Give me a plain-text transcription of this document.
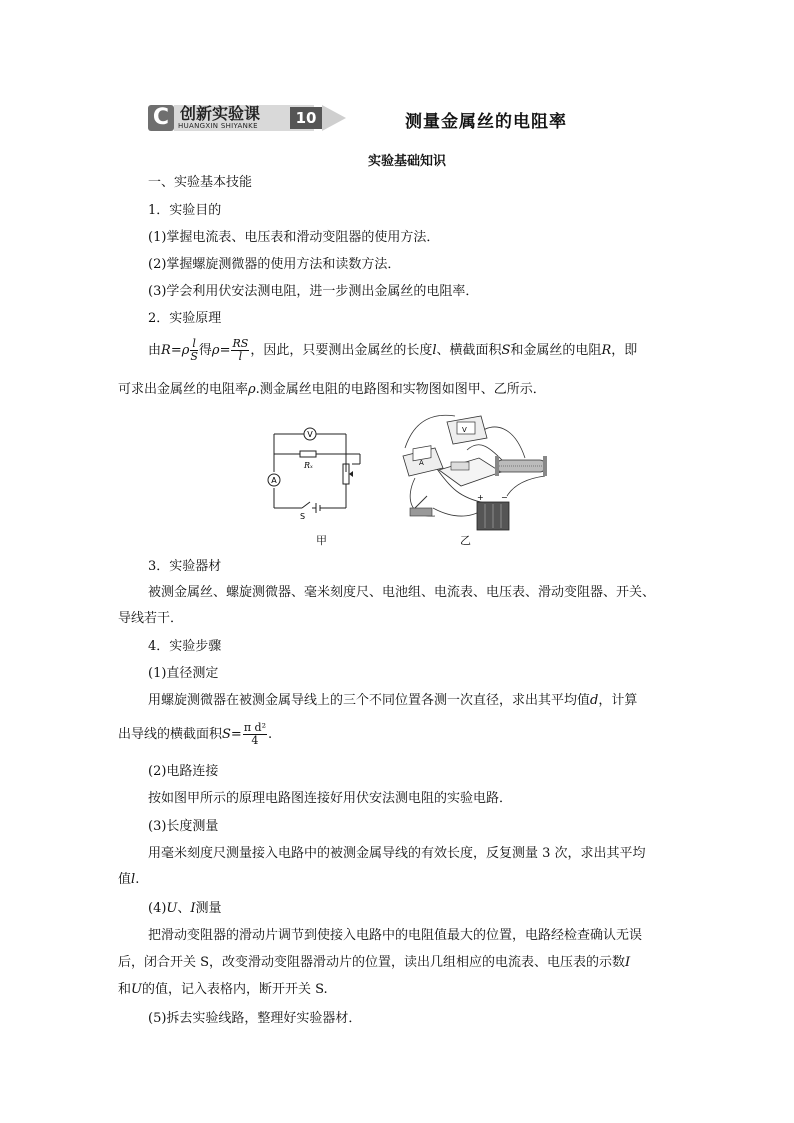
C 创新实验课
HUANGXIN SHIYANKE	10	测量金属丝的电阻率
实验基础知识
一、实验基本技能
1．实验目的
(1)掌握电流表、电压表和滑动变阻器的使用方法．
(2)掌握螺旋测微器的使用方法和读数方法．
(3)学会利用伏安法测电阻，进一步测出金属丝的电阻率．
2．实验原理
由$R=\rho \frac{l}{S}$ 得$\rho= \frac{RS}{l}$ ，因此，只要测出金属丝的长度l、横截面积S和金属丝的电阻R，即
可求出金属丝的电阻率ρ.测金属丝电阻的电路图和实物图如图甲、乙所示．
V
A
Rₓ
S
甲
A
V
+ −
乙
3．实验器材
被测金属丝、螺旋测微器、毫米刻度尺、电池组、电流表、电压表、滑动变阻器、开关、
导线若干．
4．实验步骤
(1)直径测定
用螺旋测微器在被测金属导线上的三个不同位置各测一次直径，求出其平均值d，计算
出导线的横截面积$S= \frac{\text{π d²}}{4}$ .
(2)电路连接
按如图甲所示的原理电路图连接好用伏安法测电阻的实验电路．
(3)长度测量
用毫米刻度尺测量接入电路中的被测金属导线的有效长度，反复测量 3 次，求出其平均
值l.
(4)U、I测量
把滑动变阻器的滑动片调节到使接入电路中的电阻值最大的位置，电路经检查确认无误
后，闭合开关 S，改变滑动变阻器滑动片的位置，读出几组相应的电流表、电压表的示数I
和U的值，记入表格内，断开开关 S.
(5)拆去实验线路，整理好实验器材．
